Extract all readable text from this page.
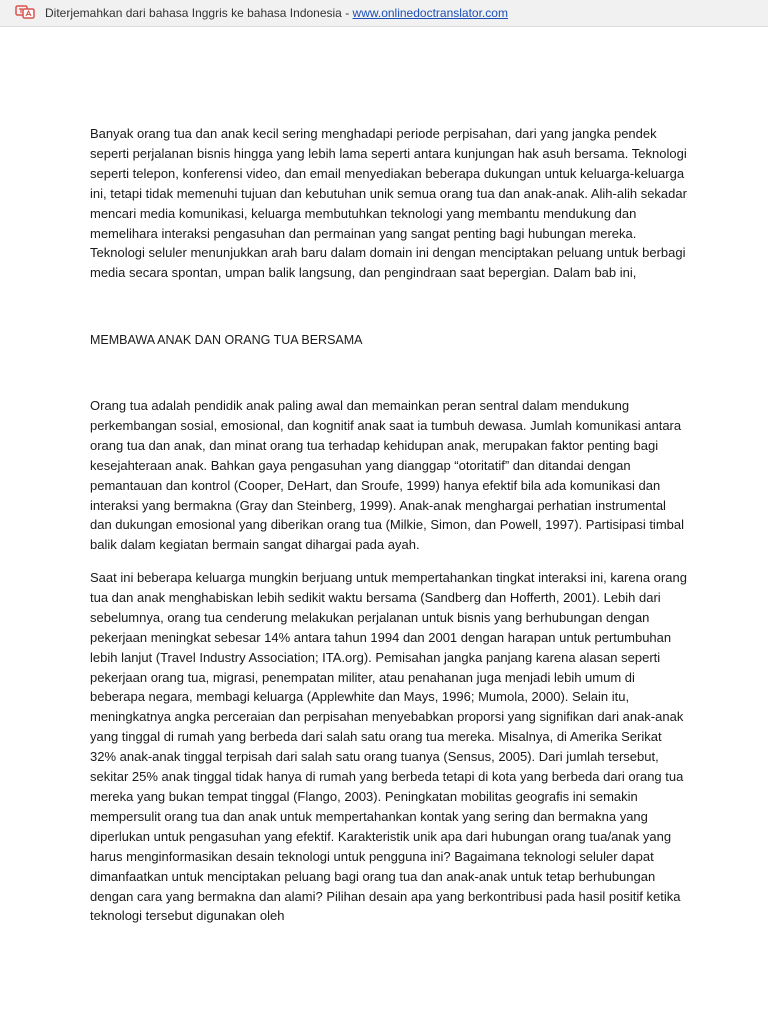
Diterjemahkan dari bahasa Inggris ke bahasa Indonesia - www.onlinedoctranslator.com

Banyak orang tua dan anak kecil sering menghadapi periode perpisahan, dari yang jangka pendek seperti perjalanan bisnis hingga yang lebih lama seperti antara kunjungan hak asuh bersama. Teknologi seperti telepon, konferensi video, dan email menyediakan beberapa dukungan untuk keluarga-keluarga ini, tetapi tidak memenuhi tujuan dan kebutuhan unik semua orang tua dan anak-anak. Alih-alih sekadar mencari media komunikasi, keluarga membutuhkan teknologi yang membantu mendukung dan memelihara interaksi pengasuhan dan permainan yang sangat penting bagi hubungan mereka. Teknologi seluler menunjukkan arah baru dalam domain ini dengan menciptakan peluang untuk berbagi media secara spontan, umpan balik langsung, dan pengindraan saat bepergian. Dalam bab ini,

MEMBAWA ANAK DAN ORANG TUA BERSAMA

Orang tua adalah pendidik anak paling awal dan memainkan peran sentral dalam mendukung perkembangan sosial, emosional, dan kognitif anak saat ia tumbuh dewasa. Jumlah komunikasi antara orang tua dan anak, dan minat orang tua terhadap kehidupan anak, merupakan faktor penting bagi kesejahteraan anak. Bahkan gaya pengasuhan yang dianggap “otoritatif” dan ditandai dengan pemantauan dan kontrol (Cooper, DeHart, dan Sroufe, 1999) hanya efektif bila ada komunikasi dan interaksi yang bermakna (Gray dan Steinberg, 1999). Anak-anak menghargai perhatian instrumental dan dukungan emosional yang diberikan orang tua (Milkie, Simon, dan Powell, 1997). Partisipasi timbal balik dalam kegiatan bermain sangat dihargai pada ayah.

Saat ini beberapa keluarga mungkin berjuang untuk mempertahankan tingkat interaksi ini, karena orang tua dan anak menghabiskan lebih sedikit waktu bersama (Sandberg dan Hofferth, 2001). Lebih dari sebelumnya, orang tua cenderung melakukan perjalanan untuk bisnis yang berhubungan dengan pekerjaan meningkat sebesar 14% antara tahun 1994 dan 2001 dengan harapan untuk pertumbuhan lebih lanjut (Travel Industry Association; ITA.org). Pemisahan jangka panjang karena alasan seperti pekerjaan orang tua, migrasi, penempatan militer, atau penahanan juga menjadi lebih umum di beberapa negara, membagi keluarga (Applewhite dan Mays, 1996; Mumola, 2000). Selain itu, meningkatnya angka perceraian dan perpisahan menyebabkan proporsi yang signifikan dari anak-anak yang tinggal di rumah yang berbeda dari salah satu orang tua mereka. Misalnya, di Amerika Serikat 32% anak-anak tinggal terpisah dari salah satu orang tuanya (Sensus, 2005). Dari jumlah tersebut, sekitar 25% anak tinggal tidak hanya di rumah yang berbeda tetapi di kota yang berbeda dari orang tua mereka yang bukan tempat tinggal (Flango, 2003). Peningkatan mobilitas geografis ini semakin mempersulit orang tua dan anak untuk mempertahankan kontak yang sering dan bermakna yang diperlukan untuk pengasuhan yang efektif. Karakteristik unik apa dari hubungan orang tua/anak yang harus menginformasikan desain teknologi untuk pengguna ini? Bagaimana teknologi seluler dapat dimanfaatkan untuk menciptakan peluang bagi orang tua dan anak-anak untuk tetap berhubungan dengan cara yang bermakna dan alami? Pilihan desain apa yang berkontribusi pada hasil positif ketika teknologi tersebut digunakan oleh
